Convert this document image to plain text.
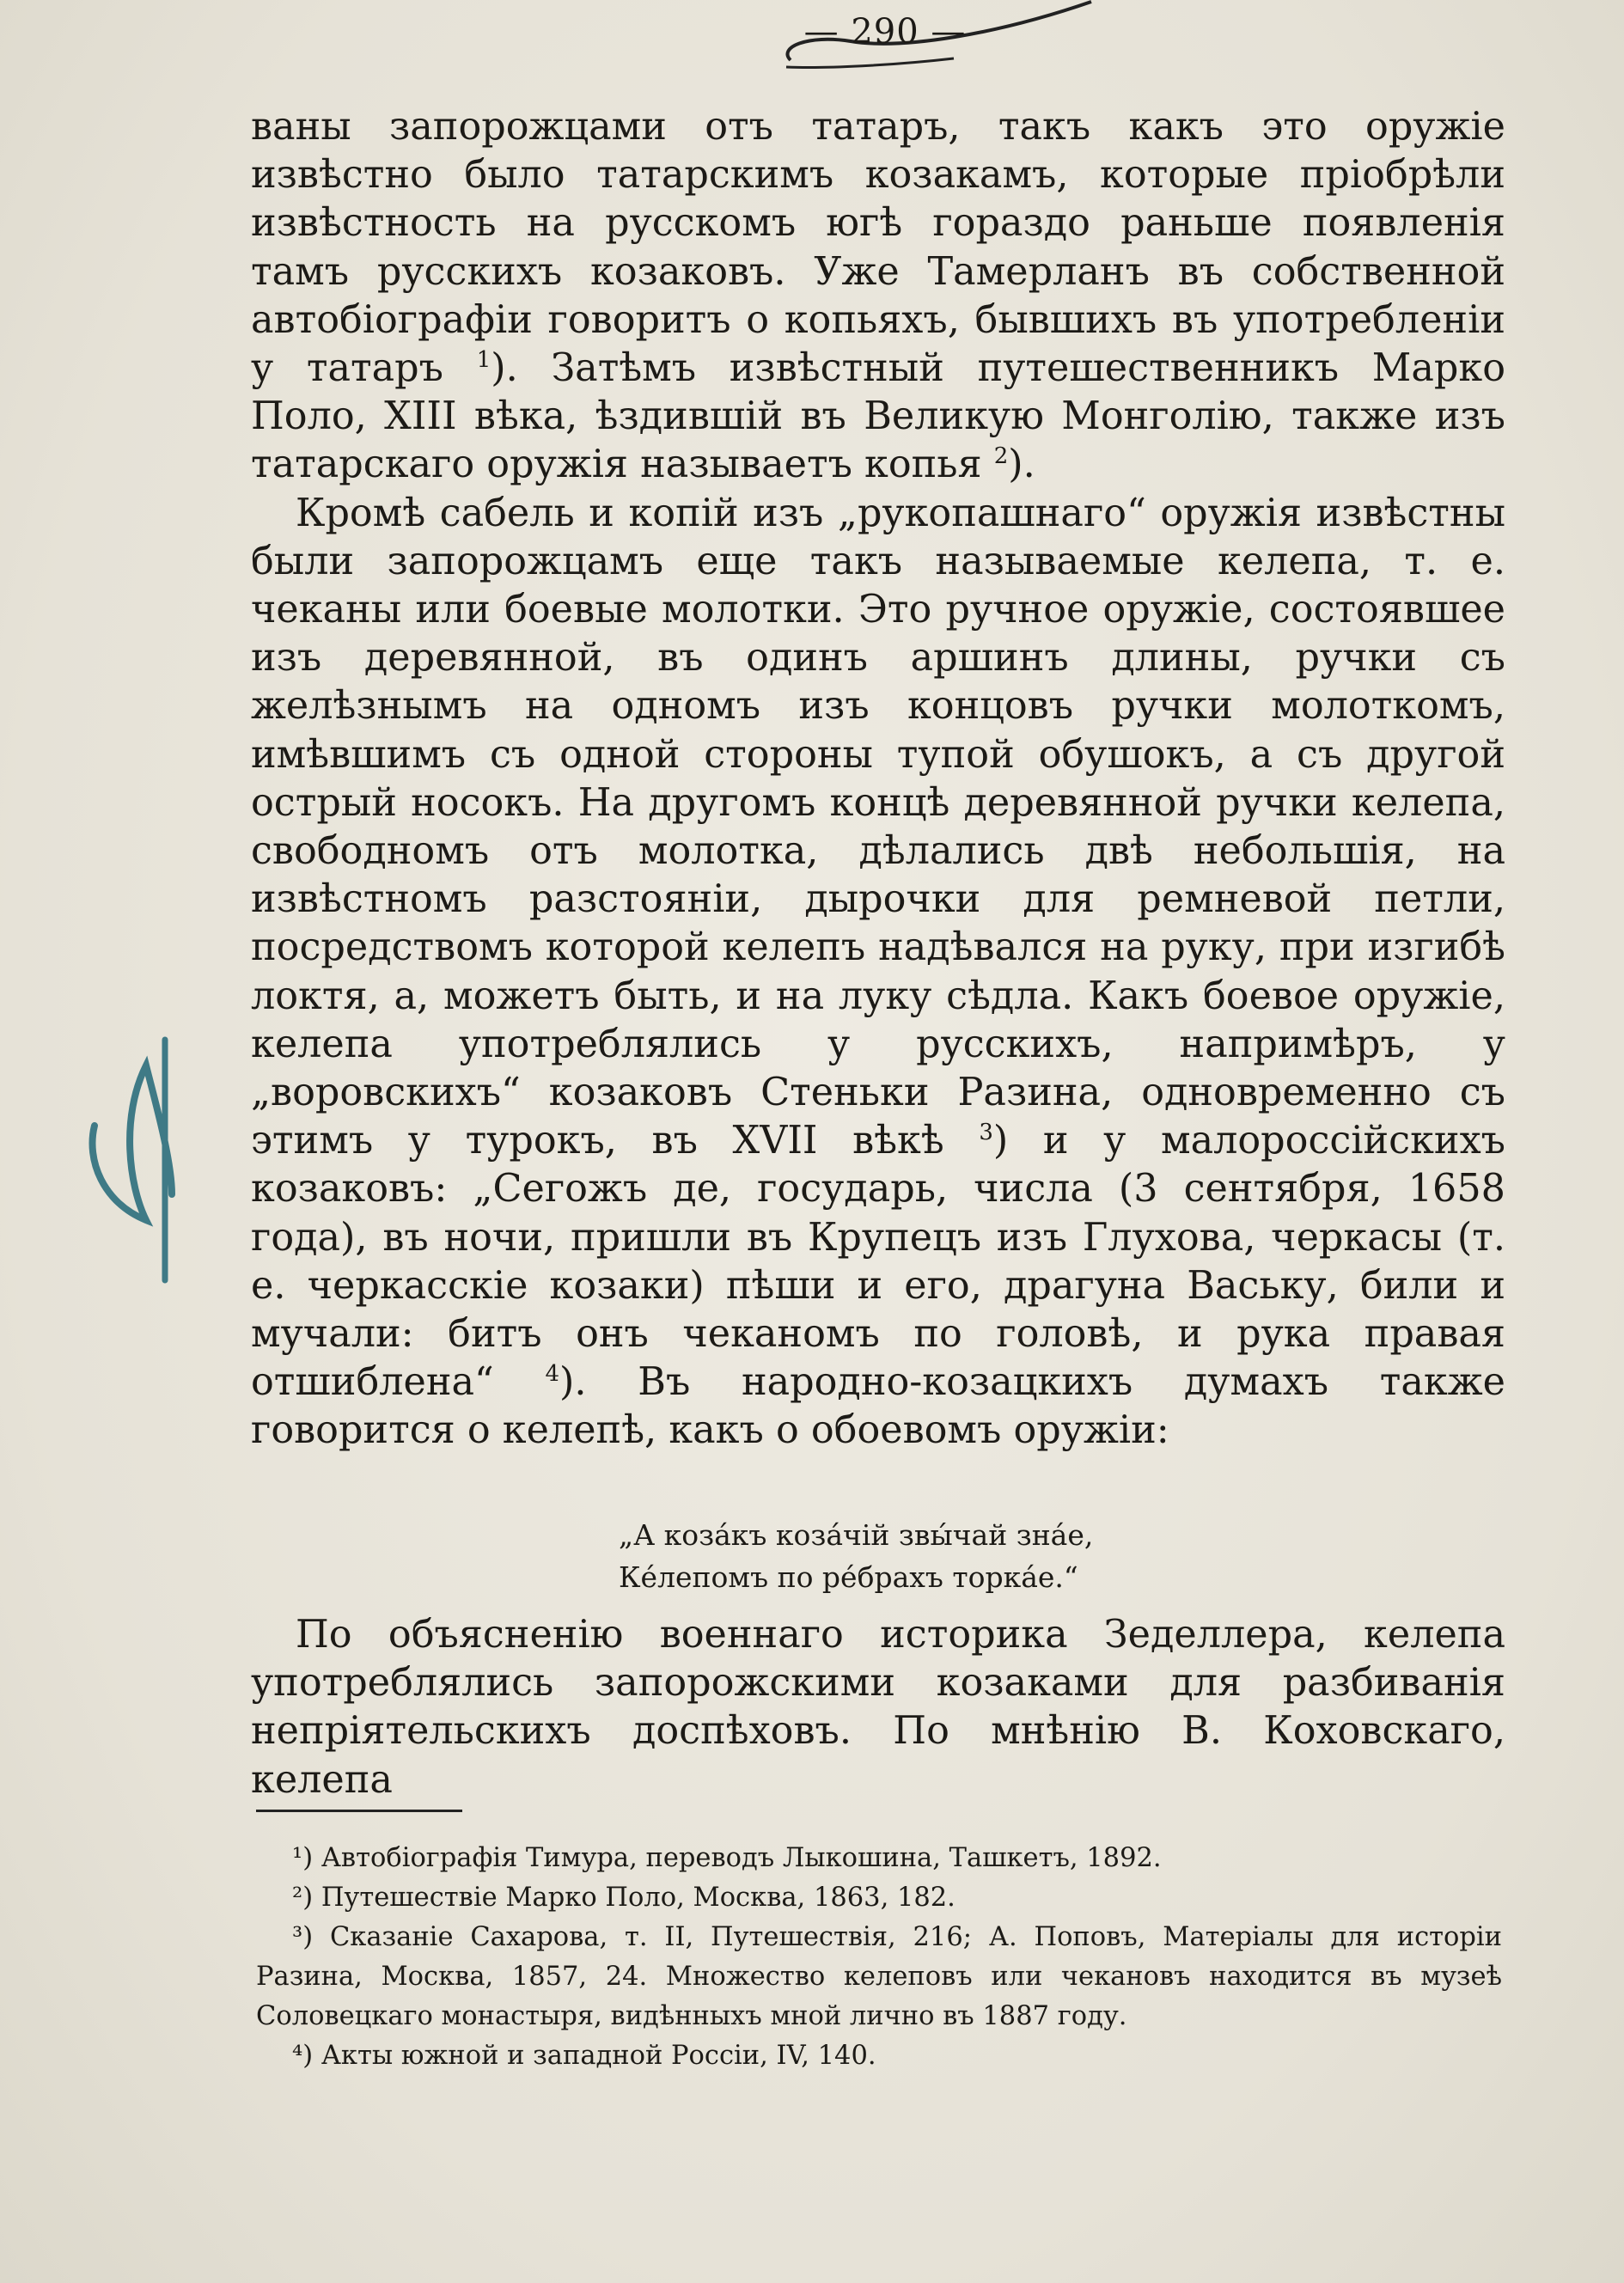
— 290 —

ваны запорожцами отъ татаръ, такъ какъ это оружіе извѣстно было татарскимъ козакамъ, которые пріобрѣли извѣстность на русскомъ югѣ гораздо раньше появленія тамъ русскихъ козаковъ. Уже Тамерланъ въ собственной автобіографіи говоритъ о копьяхъ, бывшихъ въ употребленіи у татаръ $^1$). Затѣмъ извѣстный путешественникъ Марко Поло, XIII вѣка, ѣздившій въ Великую Монголію, также изъ татарскаго оружія называетъ копья $^2$).

Кромѣ сабель и копій изъ „рукопашнаго“ оружія извѣстны были запорожцамъ еще такъ называемые келепа, т. е. чеканы или боевые молотки. Это ручное оружіе, состоявшее изъ деревянной, въ одинъ аршинъ длины, ручки съ желѣзнымъ на одномъ изъ концовъ ручки молоткомъ, имѣвшимъ съ одной стороны тупой обушокъ, а съ другой острый носокъ. На другомъ концѣ деревянной ручки келепа, свободномъ отъ молотка, дѣлались двѣ небольшія, на извѣстномъ разстояніи, дырочки для ремневой петли, посредствомъ которой келепъ надѣвался на руку, при изгибѣ локтя, а, можетъ быть, и на луку сѣдла. Какъ боевое оружіе, келепа употреблялись у русскихъ, напримѣръ, у „воровскихъ“ козаковъ Стеньки Разина, одновременно съ этимъ у турокъ, въ XVII вѣкѣ $^3$) и у малороссійскихъ козаковъ: „Сегожъ де, государь, числа (3 сентября, 1658 года), въ ночи, пришли въ Крупецъ изъ Глухова, черкасы (т. е. черкасскіе козаки) пѣши и его, драгуна Ваську, били и мучали: битъ онъ чеканомъ по головѣ, и рука правая отшиблена“ $^4$). Въ народно-козацкихъ думахъ также говорится о келепѣ, какъ о обоевомъ оружіи:

„А козáкъ козáчій звы́чай знáе,
Кéлепомъ по рéбрахъ торкáе.“

По объясненію военнаго историка Зеделлера, келепа употреблялись запорожскими козаками для разбиванія непріятельскихъ доспѣховъ. По мнѣнію В. Коховскаго, келепа

¹) Автобіографія Тимура, переводъ Лыкошина, Ташкетъ, 1892.
²) Путешествіе Марко Поло, Москва, 1863, 182.
³) Сказаніе Сахарова, т. II, Путешествія, 216; А. Поповъ, Матеріалы для исторіи Разина, Москва, 1857, 24. Множество келеповъ или чекановъ находится въ музеѣ Соловецкаго монастыря, видѣнныхъ мной лично въ 1887 году.
⁴) Акты южной и западной Россіи, IV, 140.
